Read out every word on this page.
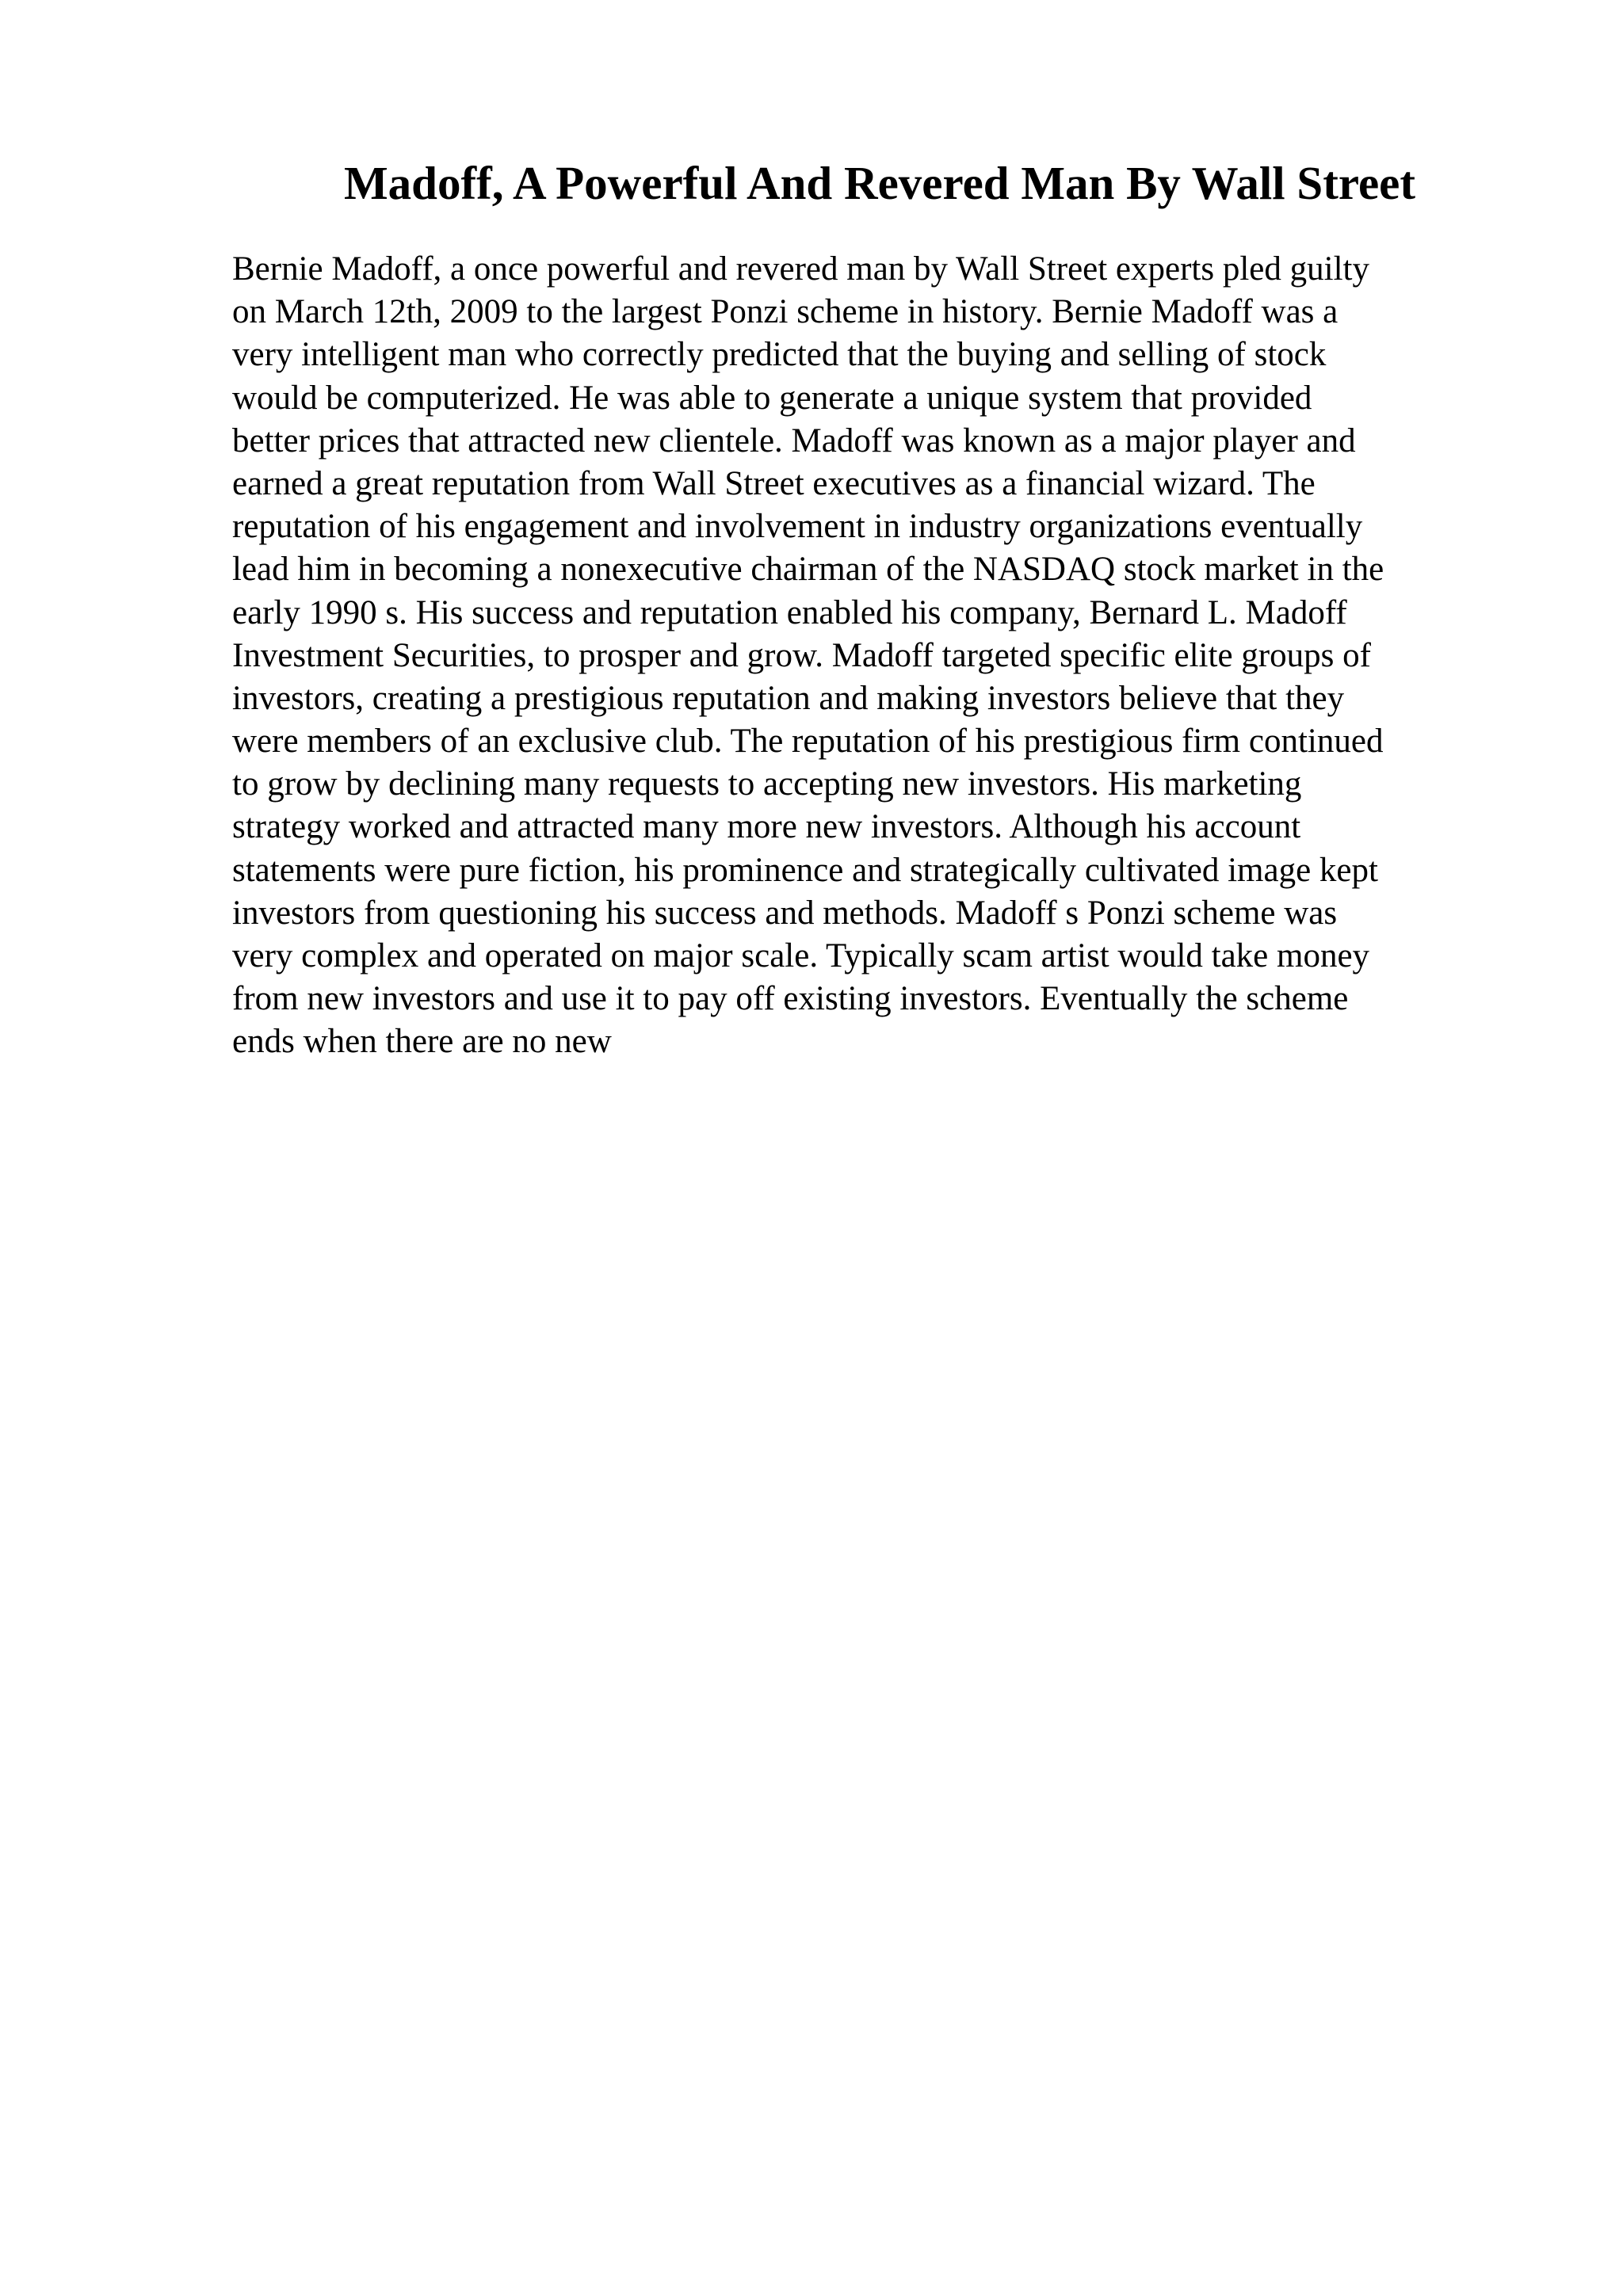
Madoff, A Powerful And Revered Man By Wall Street
Bernie Madoff, a once powerful and revered man by Wall Street experts pled guilty
on March 12th, 2009 to the largest Ponzi scheme in history. Bernie Madoff was a
very intelligent man who correctly predicted that the buying and selling of stock
would be computerized. He was able to generate a unique system that provided
better prices that attracted new clientele. Madoff was known as a major player and
earned a great reputation from Wall Street executives as a financial wizard. The
reputation of his engagement and involvement in industry organizations eventually
lead him in becoming a nonexecutive chairman of the NASDAQ stock market in the
early 1990 s. His success and reputation enabled his company, Bernard L. Madoff
Investment Securities, to prosper and grow. Madoff targeted specific elite groups of
investors, creating a prestigious reputation and making investors believe that they
were members of an exclusive club. The reputation of his prestigious firm continued
to grow by declining many requests to accepting new investors. His marketing
strategy worked and attracted many more new investors. Although his account
statements were pure fiction, his prominence and strategically cultivated image kept
investors from questioning his success and methods. Madoff s Ponzi scheme was
very complex and operated on major scale. Typically scam artist would take money
from new investors and use it to pay off existing investors. Eventually the scheme
ends when there are no new
